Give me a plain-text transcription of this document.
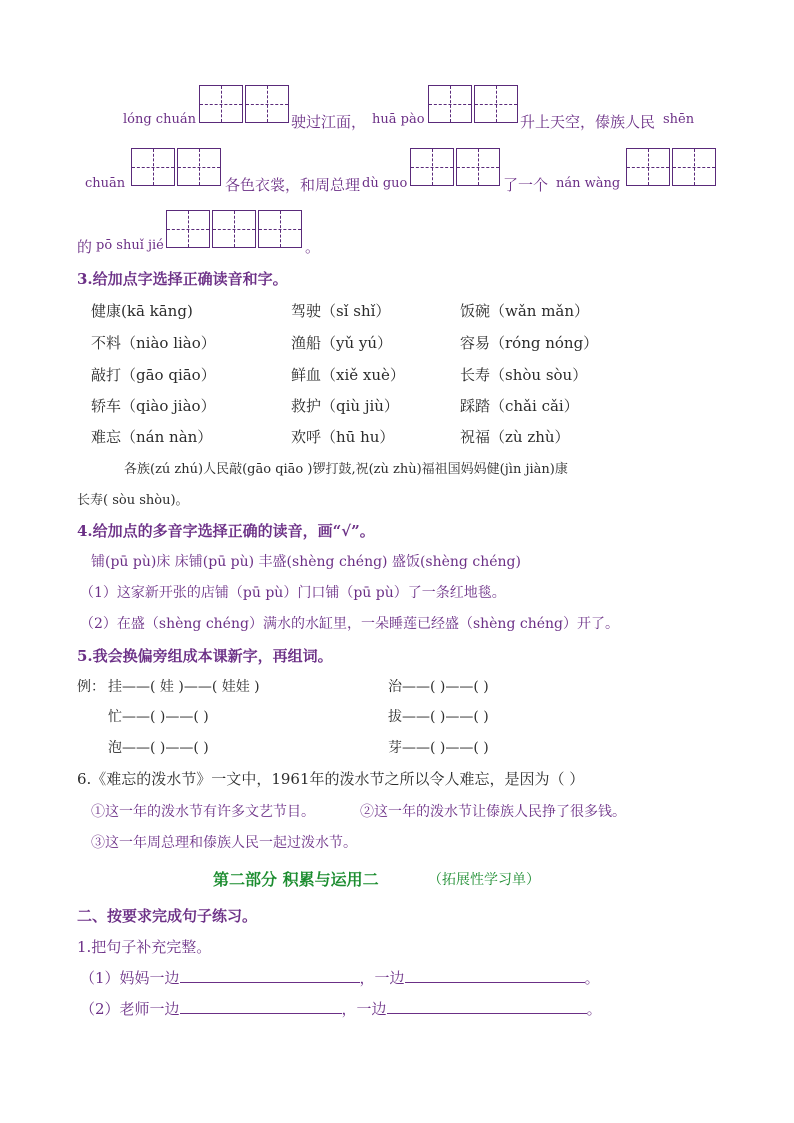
lóng chuán	驶过江面， huā pào	升上天空，傣族人民 shēn
chuān	各色衣裳，和周总理 dù guo	了一个 nán wàng
的 pō shuǐ jié	。
3.给加点字选择正确读音和字。
健康(kā kāng)	驾驶（sǐ shǐ）	饭碗（wǎn mǎn）
不料（niào liào）	渔船（yǔ yú）	容易（róng nóng）
敲打（gāo qiāo）	鲜血（xiě xuè）	长寿（shòu sòu）
轿车（qiào jiào）	救护（qiù jiù）	踩踏（chǎi cǎi）
难忘（nán nàn）	欢呼（hū hu）	祝福（zù zhù）
各族(zú zhú)人民敲(gāo qiāo )锣打鼓,祝(zù zhù)福祖国妈妈健(jìn jiàn)康
长寿( sòu shòu)。
4.给加点的多音字选择正确的读音，画“√”。
铺(pū pù)床 床铺(pū pù) 丰盛(shèng chéng) 盛饭(shèng chéng)
（1）这家新开张的店铺（pū pù）门口铺（pū pù）了一条红地毯。
（2）在盛（shèng chéng）满水的水缸里，一朵睡莲已经盛（shèng chéng）开了。
5.我会换偏旁组成本课新字，再组词。
例： 挂——( 娃 )——( 娃娃 )	治——( )——( )
忙——( )——( )	拔——( )——( )
泡——( )——( )	芽——( )——( )
6.《难忘的泼水节》一文中，1961年的泼水节之所以令人难忘，是因为（ ）
①这一年的泼水节有许多文艺节目。	②这一年的泼水节让傣族人民挣了很多钱。
③这一年周总理和傣族人民一起过泼水节。
第二部分 积累与运用二	（拓展性学习单）
二、按要求完成句子练习。
1.把句子补充完整。
（1）妈妈一边	，一边	。
（2）老师一边	，一边	。
